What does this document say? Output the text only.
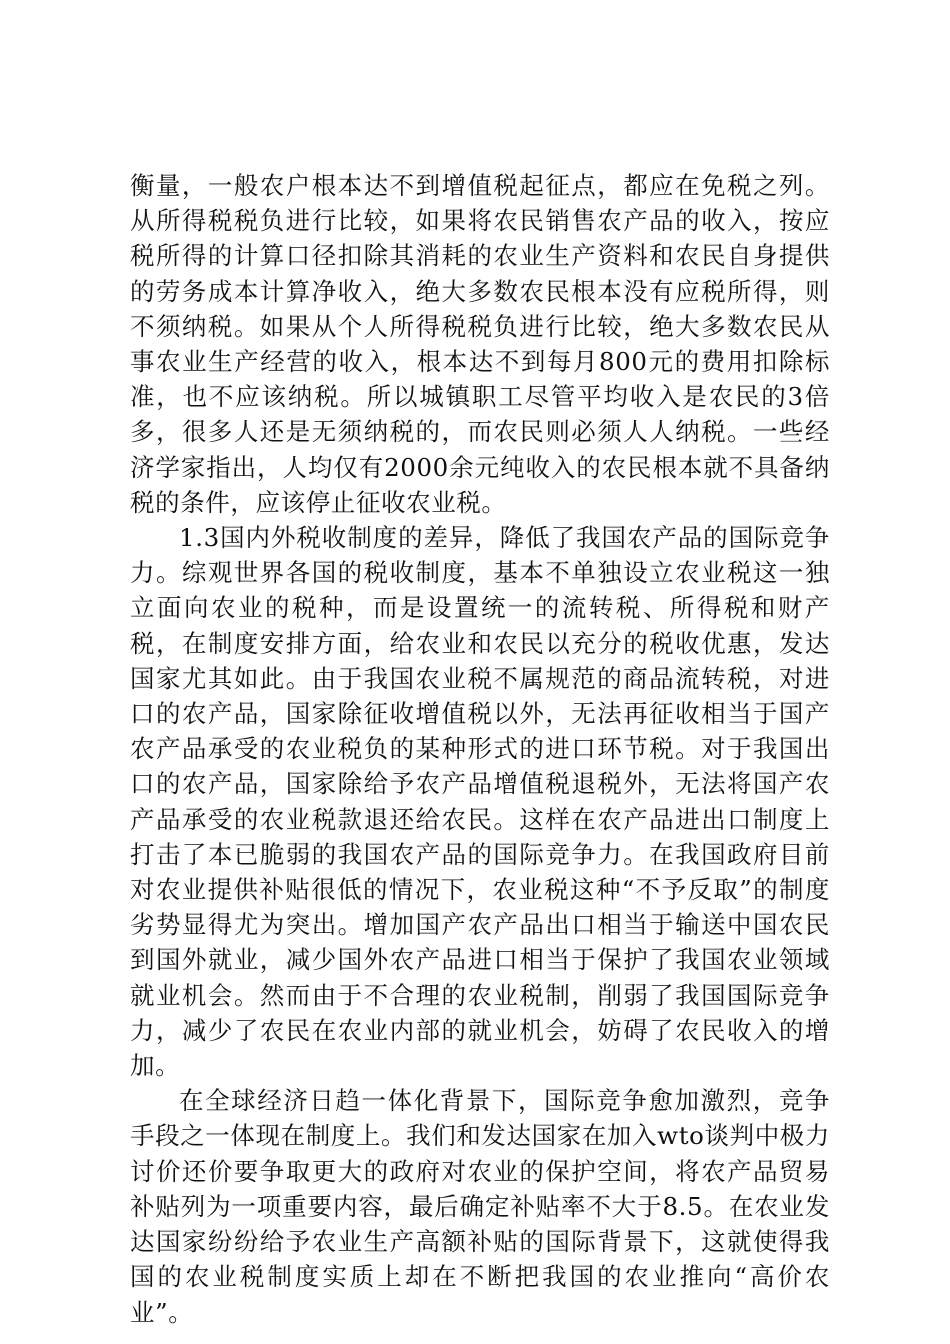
衡量，一般农户根本达不到增值税起征点，都应在免税之列。从所得税税负进行比较，如果将农民销售农产品的收入，按应税所得的计算口径扣除其消耗的农业生产资料和农民自身提供的劳务成本计算净收入，绝大多数农民根本没有应税所得，则不须纳税。如果从个人所得税税负进行比较，绝大多数农民从事农业生产经营的收入，根本达不到每月800元的费用扣除标准，也不应该纳税。所以城镇职工尽管平均收入是农民的3倍多，很多人还是无须纳税的，而农民则必须人人纳税。一些经济学家指出，人均仅有2000余元纯收入的农民根本就不具备纳税的条件，应该停止征收农业税。

1.3国内外税收制度的差异，降低了我国农产品的国际竞争力。综观世界各国的税收制度，基本不单独设立农业税这一独立面向农业的税种，而是设置统一的流转税、所得税和财产税，在制度安排方面，给农业和农民以充分的税收优惠，发达国家尤其如此。由于我国农业税不属规范的商品流转税，对进口的农产品，国家除征收增值税以外，无法再征收相当于国产农产品承受的农业税负的某种形式的进口环节税。对于我国出口的农产品，国家除给予农产品增值税退税外，无法将国产农产品承受的农业税款退还给农民。这样在农产品进出口制度上打击了本已脆弱的我国农产品的国际竞争力。在我国政府目前对农业提供补贴很低的情况下，农业税这种“不予反取”的制度劣势显得尤为突出。增加国产农产品出口相当于输送中国农民到国外就业，减少国外农产品进口相当于保护了我国农业领域就业机会。然而由于不合理的农业税制，削弱了我国国际竞争力，减少了农民在农业内部的就业机会，妨碍了农民收入的增加。

在全球经济日趋一体化背景下，国际竞争愈加激烈，竞争手段之一体现在制度上。我们和发达国家在加入wto谈判中极力讨价还价要争取更大的政府对农业的保护空间，将农产品贸易补贴列为一项重要内容，最后确定补贴率不大于8.5。在农业发达国家纷纷给予农业生产高额补贴的国际背景下，这就使得我国的农业税制度实质上却在不断把我国的农业推向“高价农业”。
